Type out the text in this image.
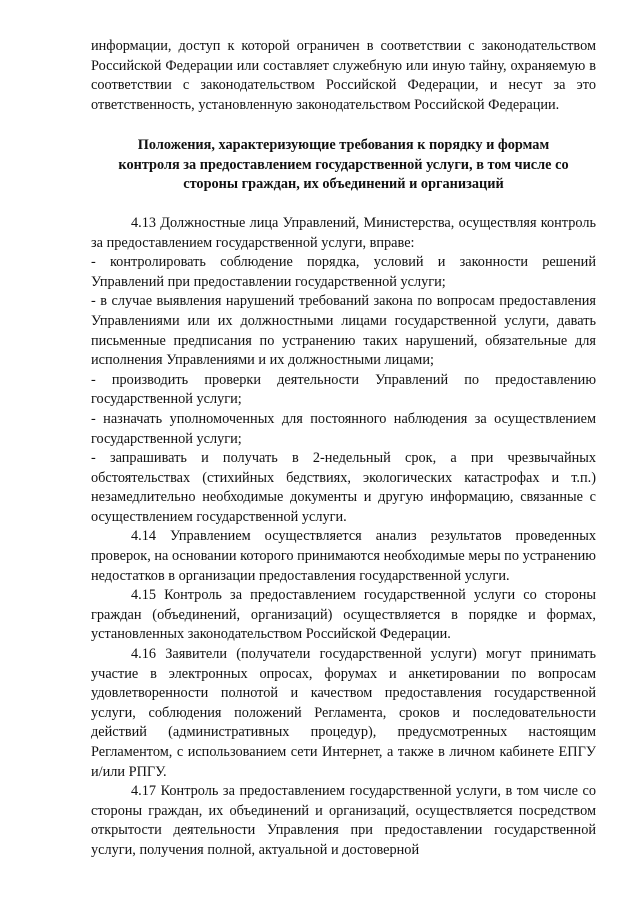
информации, доступ к которой ограничен в соответствии с законодательством Российской Федерации или составляет служебную или иную тайну, охраняемую в соответствии с законодательством Российской Федерации, и несут за это ответственность, установленную законодательством Российской Федерации.

Положения, характеризующие требования к порядку и формам
контроля за предоставлением государственной услуги, в том числе со
стороны граждан, их объединений и организаций

4.13 Должностные лица Управлений, Министерства, осуществляя контроль за предоставлением государственной услуги, вправе:

- контролировать соблюдение порядка, условий и законности решений Управлений при предоставлении государственной услуги;

- в случае выявления нарушений требований закона по вопросам предоставления Управлениями или их должностными лицами государственной услуги, давать письменные предписания по устранению таких нарушений, обязательные для исполнения Управлениями и их должностными лицами;

- производить проверки деятельности Управлений по предоставлению государственной услуги;

- назначать уполномоченных для постоянного наблюдения за осуществлением государственной услуги;

- запрашивать и получать в 2-недельный срок, а при чрезвычайных обстоятельствах (стихийных бедствиях, экологических катастрофах и т.п.) незамедлительно необходимые документы и другую информацию, связанные с осуществлением государственной услуги.

4.14 Управлением осуществляется анализ результатов проведенных проверок, на основании которого принимаются необходимые меры по устранению недостатков в организации предоставления государственной услуги.

4.15 Контроль за предоставлением государственной услуги со стороны граждан (объединений, организаций) осуществляется в порядке и формах, установленных законодательством Российской Федерации.

4.16 Заявители (получатели государственной услуги) могут принимать участие в электронных опросах, форумах и анкетировании по вопросам удовлетворенности полнотой и качеством предоставления государственной услуги, соблюдения положений Регламента, сроков и последовательности действий (административных процедур), предусмотренных настоящим Регламентом, с использованием сети Интернет, а также в личном кабинете ЕПГУ и/или РПГУ.

4.17 Контроль за предоставлением государственной услуги, в том числе со стороны граждан, их объединений и организаций, осуществляется посредством открытости деятельности Управления при предоставлении государственной услуги, получения полной, актуальной и достоверной
